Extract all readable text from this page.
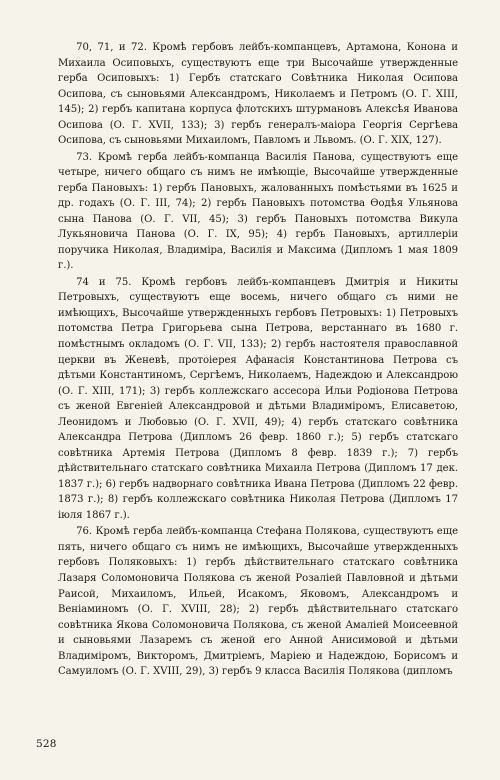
70, 71, и 72. Кромѣ гербовъ лейбъ-компанцевъ, Артамона, Конона и Михаила Осиповыхъ, существуютъ еще три Высочайше утвержденные герба Осиповыхъ: 1) Гербъ статскаго Совѣтника Николая Осипова Осипова, съ сыновьями Александромъ, Николаемъ и Петромъ (О. Г. XIII, 145); 2) гербъ капитана корпуса флотскихъ штурмановъ Алексѣя Иванова Осипова (О. Г. XVII, 133); 3) гербъ генералъ-маіора Георгія Сергѣева Осипова, съ сыновьями Михаиломъ, Павломъ и Львомъ. (О. Г. XIX, 127).

73. Кромѣ герба лейбъ-компанца Василія Панова, существуютъ еще четыре, ничего общаго съ нимъ не имѣющіе, Высочайше утвержденные герба Пановыхъ: 1) гербъ Пановыхъ, жалованныхъ помѣстьями въ 1625 и др. годахъ (О. Г. III, 74); 2) гербъ Пановыхъ потомства Ѳодѣя Ульянова сына Панова (О. Г. VII, 45); 3) гербъ Пановыхъ потомства Викула Лукьяновича Панова (О. Г. IX, 95); 4) гербъ Пановыхъ, артиллеріи поручика Николая, Владиміра, Василія и Максима (Дипломъ 1 мая 1809 г.).

74 и 75. Кромѣ гербовъ лейбъ-компанцевъ Дмитрія и Никиты Петровыхъ, существуютъ еще восемь, ничего общаго съ ними не имѣющихъ, Высочайше утвержденныхъ гербовъ Петровыхъ: 1) Петровыхъ потомства Петра Григорьева сына Петрова, верстаннаго въ 1680 г. помѣстнымъ окладомъ (О. Г. VII, 133); 2) гербъ настоятеля православной церкви въ Женевѣ, протоіерея Афанасія Константинова Петрова съ дѣтьми Константиномъ, Сергѣемъ, Николаемъ, Надеждою и Александрою (О. Г. XIII, 171); 3) гербъ коллежскаго ассесора Ильи Родіонова Петрова съ женой Евгеніей Александровой и дѣтьми Владиміромъ, Елисаветою, Леонидомъ и Любовью (О. Г. XVII, 49); 4) гербъ статскаго совѣтника Александра Петрова (Дипломъ 26 февр. 1860 г.); 5) гербъ статскаго совѣтника Артемія Петрова (Дипломъ 8 февр. 1839 г.); 7) гербъ дѣйствительнаго статскаго совѣтника Михаила Петрова (Дипломъ 17 дек. 1837 г.); 6) гербъ надворнаго совѣтника Ивана Петрова (Дипломъ 22 февр. 1873 г.); 8) гербъ коллежскаго совѣтника Николая Петрова (Дипломъ 17 іюля 1867 г.).

76. Кромѣ герба лейбъ-компанца Стефана Полякова, существуютъ еще пять, ничего общаго съ нимъ не имѣющихъ, Высочайше утвержденныхъ гербовъ Поляковыхъ: 1) гербъ дѣйствительнаго статскаго совѣтника Лазаря Соломоновича Полякова съ женой Розаліей Павловной и дѣтьми Раисой, Михаиломъ, Ильей, Исакомъ, Яковомъ, Александромъ и Веніаминомъ (О. Г. XVIII, 28); 2) гербъ дѣйствительнаго статскаго совѣтника Якова Соломоновича Полякова, съ женой Амаліей Моисеевной и сыновьями Лазаремъ съ женой его Анной Анисимовой и дѣтьми Владиміромъ, Викторомъ, Дмитріемъ, Маріею и Надеждою, Борисомъ и Самуиломъ (О. Г. XVIII, 29), 3) гербъ 9 класса Василія Полякова (дипломъ

528
